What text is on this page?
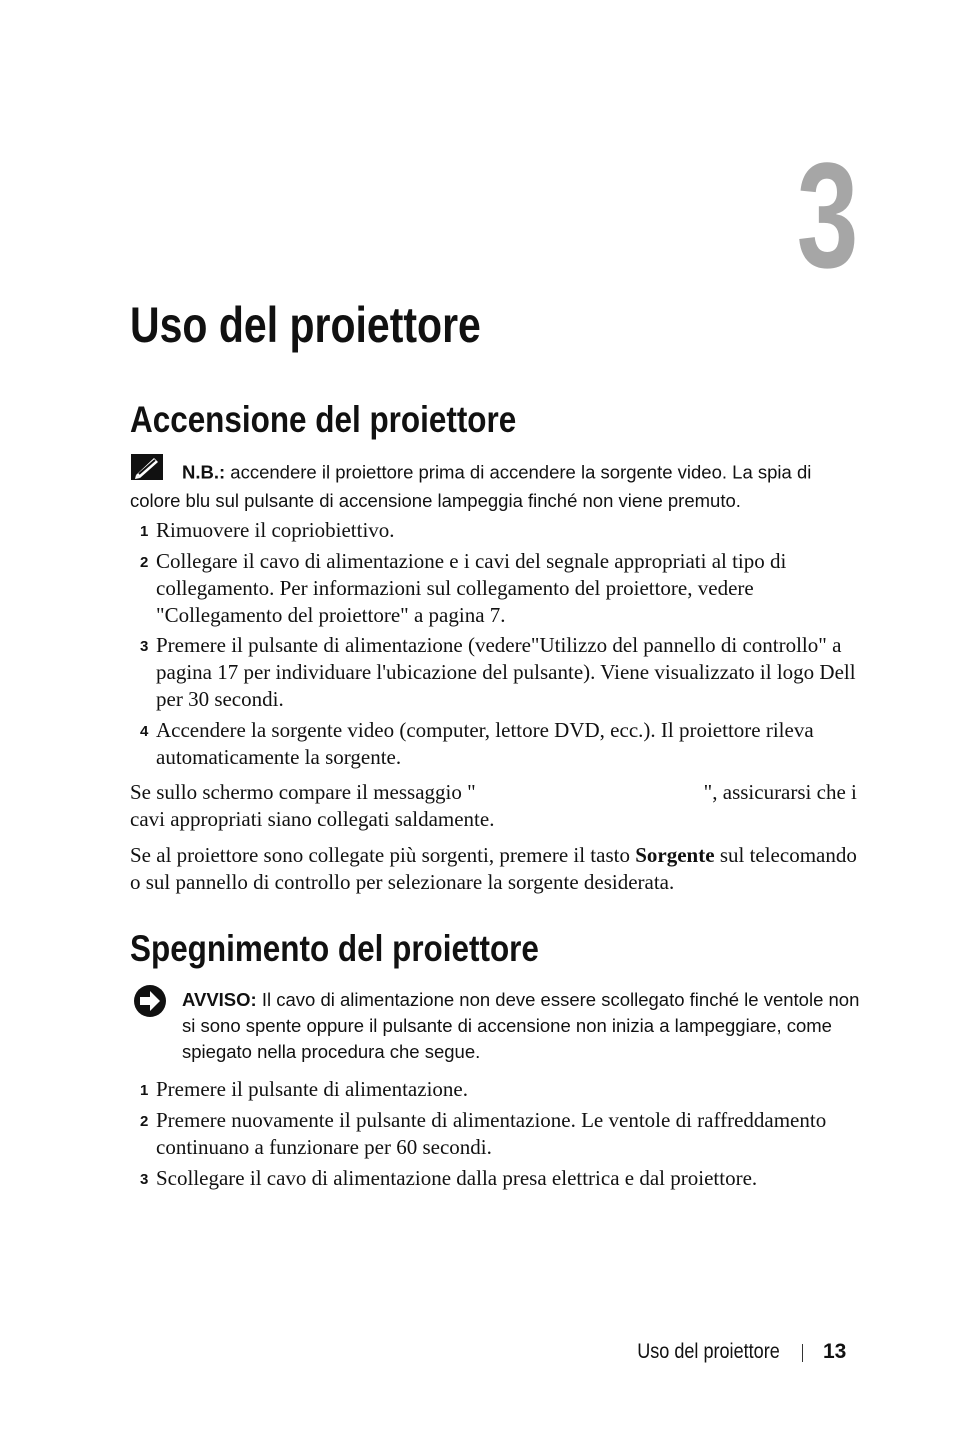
3
Uso del proiettore
Accensione del proiettore
N.B.: accendere il proiettore prima di accendere la sorgente video. La spia di colore blu sul pulsante di accensione lampeggia finché non viene premuto.
1 Rimuovere il copriobiettivo.
2 Collegare il cavo di alimentazione e i cavi del segnale appropriati al tipo di collegamento. Per informazioni sul collegamento del proiettore, vedere "Collegamento del proiettore" a pagina 7.
3 Premere il pulsante di alimentazione (vedere"Utilizzo del pannello di controllo" a pagina 17 per individuare l'ubicazione del pulsante). Viene visualizzato il logo Dell per 30 secondi.
4 Accendere la sorgente video (computer, lettore DVD, ecc.). Il proiettore rileva automaticamente la sorgente.

Se sullo schermo compare il messaggio "	", assicurarsi che i cavi appropriati siano collegati saldamente.

Se al proiettore sono collegate più sorgenti, premere il tasto Sorgente sul telecomando o sul pannello di controllo per selezionare la sorgente desiderata.

Spegnimento del proiettore
AVVISO: Il cavo di alimentazione non deve essere scollegato finché le ventole non si sono spente oppure il pulsante di accensione non inizia a lampeggiare, come spiegato nella procedura che segue.
1 Premere il pulsante di alimentazione.
2 Premere nuovamente il pulsante di alimentazione. Le ventole di raffreddamento continuano a funzionare per 60 secondi.
3 Scollegare il cavo di alimentazione dalla presa elettrica e dal proiettore.
Uso del proiettore 13
